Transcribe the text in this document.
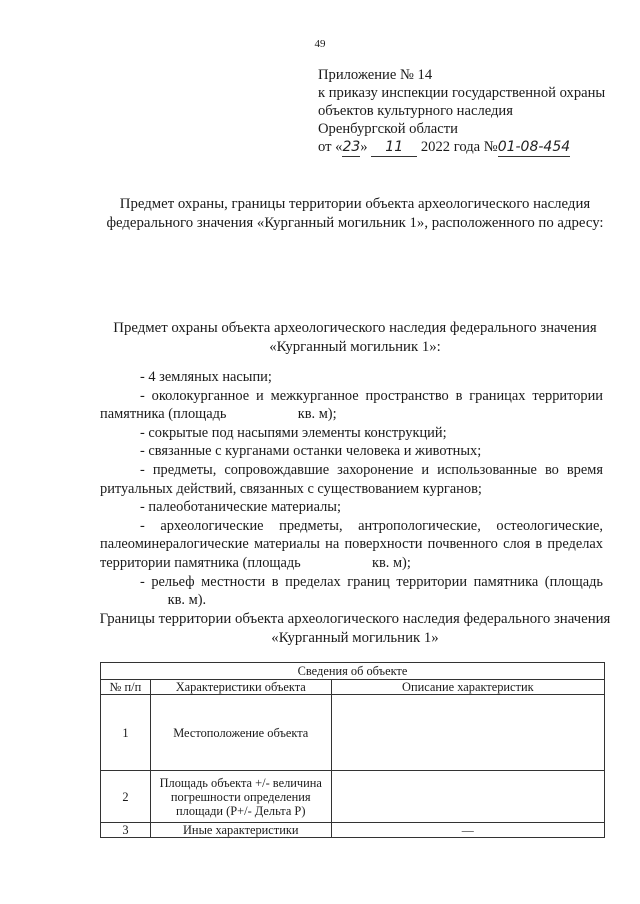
49
Приложение № 14
к приказу инспекции государственной охраны
объектов культурного наследия
Оренбургской области
от «23» 11 2022 года №01-08-454
Предмет охраны, границы территории объекта археологического наследия федерального значения «Курганный могильник 1», расположенного по адресу:
Предмет охраны объекта археологического наследия федерального значения «Курганный могильник 1»:

- 4 земляных насыпи;

- околокурганное и межкурганное пространство в границах территории памятника (площадь	кв. м);

- сокрытые под насыпями элементы конструкций;

- связанные с курганами останки человека и животных;

- предметы, сопровождавшие захоронение и использованные во время ритуальных действий, связанных с существованием курганов;

- палеоботанические материалы;

- археологические предметы, антропологические, остеологические, палеоминералогические материалы на поверхности почвенного слоя в пределах территории памятника (площадь	кв. м);

- рельеф местности в пределах границ территории памятника (площадь  кв. м).

Границы территории объекта археологического наследия федерального значения «Курганный могильник 1»
Сведения об объекте		
№ п/п	Характеристики объекта	Описание характеристик
1	Местоположение объекта	
2	Площадь объекта +/- величина погрешности определения площади (Р+/- Дельта Р)	
3	Иные характеристики	—
